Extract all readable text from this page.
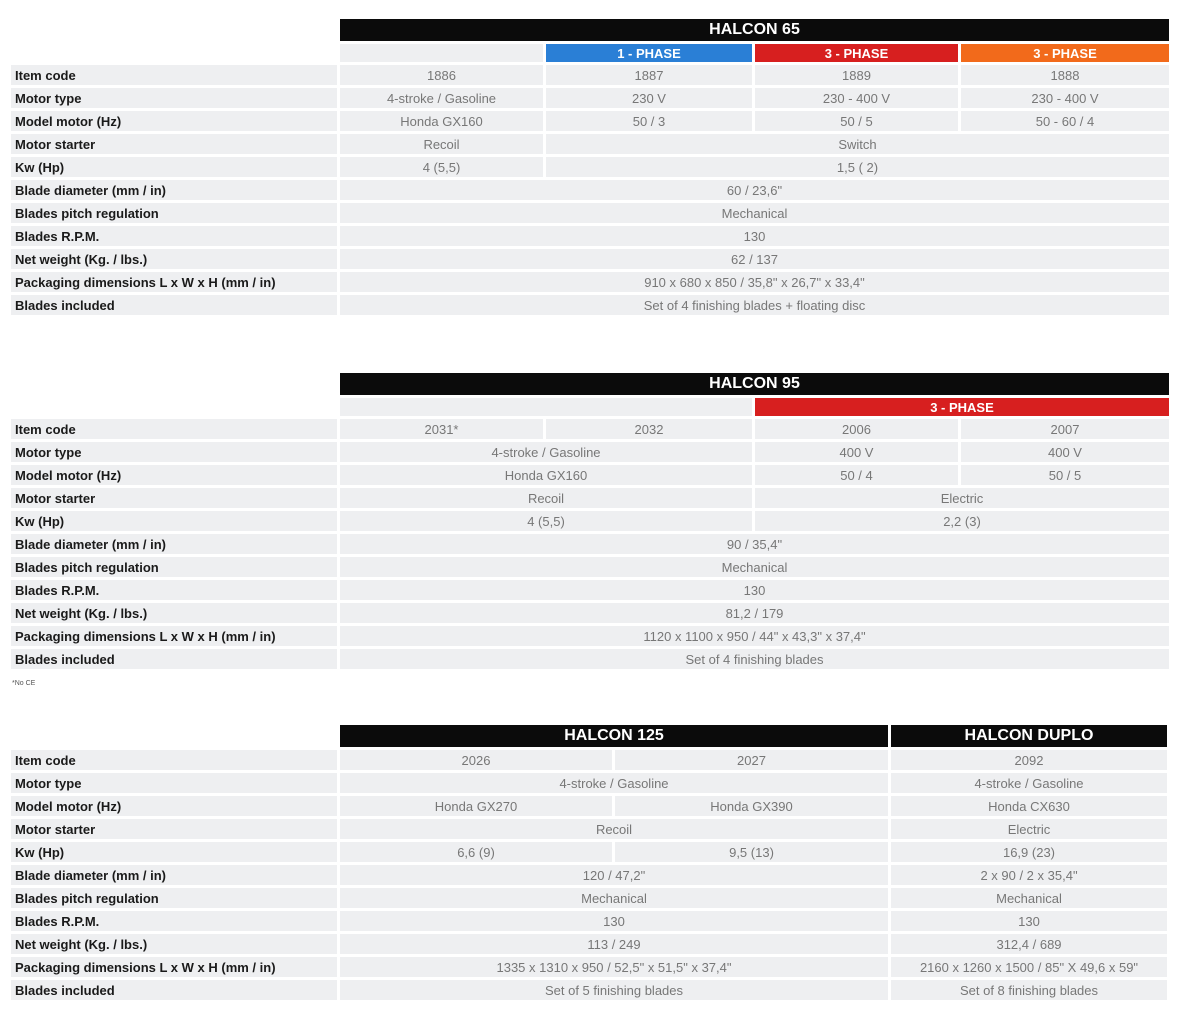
	HALCON 65			
		1 - PHASE	3 - PHASE	3 - PHASE
Item code	1886	1887	1889	1888
Motor type	4-stroke / Gasoline	230 V	230 - 400 V	230 - 400 V
Model motor (Hz)	Honda GX160	50 / 3	50 / 5	50 - 60 / 4
Motor starter	Recoil	Switch		
Kw (Hp)	4 (5,5)	1,5 ( 2)		
Blade diameter (mm / in)	60 / 23,6"			
Blades pitch regulation	Mechanical			
Blades R.P.M.	130			
Net weight (Kg. / lbs.)	62 / 137			
Packaging dimensions L x W x H (mm / in)	910 x 680 x 850 / 35,8" x 26,7" x 33,4"			
Blades included	Set of 4 finishing blades + floating disc			
	HALCON 95			
			3 - PHASE	
Item code	2031*	2032	2006	2007
Motor type	4-stroke / Gasoline		400 V	400 V
Model motor (Hz)	Honda GX160		50 / 4	50 / 5
Motor starter	Recoil		Electric	
Kw (Hp)	4 (5,5)		2,2 (3)	
Blade diameter (mm / in)	90 / 35,4"			
Blades pitch regulation	Mechanical			
Blades R.P.M.	130			
Net weight (Kg. / lbs.)	81,2 / 179			
Packaging dimensions L x W x H (mm / in)	1120 x 1100 x 950 / 44" x 43,3" x 37,4"			
Blades included	Set of 4 finishing blades			
*No CE
	HALCON 125		HALCON DUPLO
Item code	2026	2027	2092
Motor type	4-stroke / Gasoline		4-stroke / Gasoline
Model motor (Hz)	Honda GX270	Honda GX390	Honda CX630
Motor starter	Recoil		Electric
Kw (Hp)	6,6 (9)	9,5 (13)	16,9 (23)
Blade diameter (mm / in)	120 / 47,2"		2 x 90 / 2 x 35,4"
Blades pitch regulation	Mechanical		Mechanical
Blades R.P.M.	130		130
Net weight (Kg. / lbs.)	113 / 249		312,4 / 689
Packaging dimensions L x W x H (mm / in)	1335 x 1310 x 950 / 52,5" x 51,5" x 37,4"		2160 x 1260 x 1500 / 85" X 49,6 x 59"
Blades included	Set of 5 finishing blades		Set of 8 finishing blades
